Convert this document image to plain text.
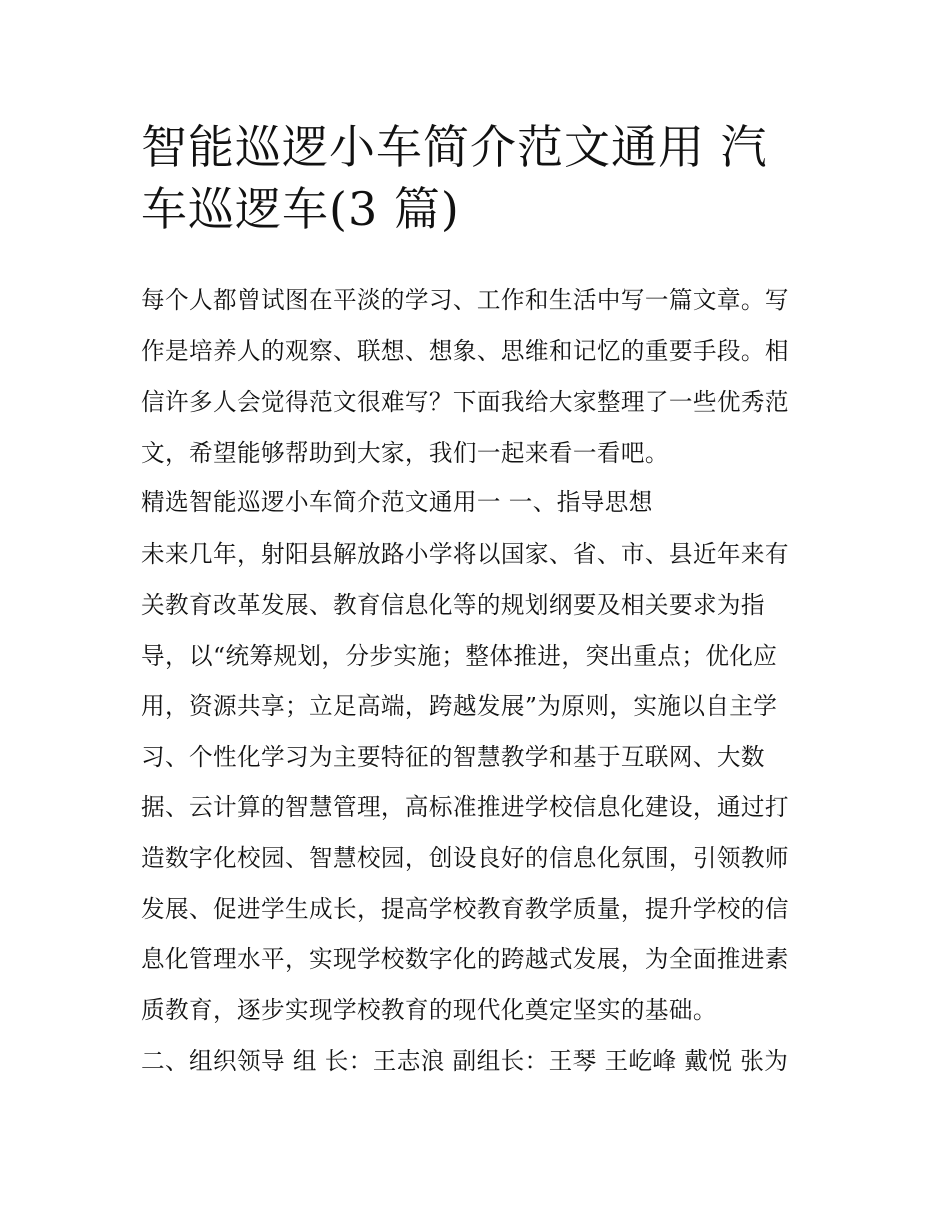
智能巡逻小车简介范文通用 汽
车巡逻车(3 篇)
每个人都曾试图在平淡的学习、工作和生活中写一篇文章。写
作是培养人的观察、联想、想象、思维和记忆的重要手段。相
信许多人会觉得范文很难写？下面我给大家整理了一些优秀范
文，希望能够帮助到大家，我们一起来看一看吧。
精选智能巡逻小车简介范文通用一 一、指导思想
未来几年，射阳县解放路小学将以国家、省、市、县近年来有
关教育改革发展、教育信息化等的规划纲要及相关要求为指
导，以“统筹规划，分步实施；整体推进，突出重点；优化应
用，资源共享；立足高端，跨越发展”为原则，实施以自主学
习、个性化学习为主要特征的智慧教学和基于互联网、大数
据、云计算的智慧管理，高标准推进学校信息化建设，通过打
造数字化校园、智慧校园，创设良好的信息化氛围，引领教师
发展、促进学生成长，提高学校教育教学质量，提升学校的信
息化管理水平，实现学校数字化的跨越式发展，为全面推进素
质教育，逐步实现学校教育的现代化奠定坚实的基础。
二、组织领导 组 长：王志浪 副组长：王琴 王屹峰 戴悦 张为
